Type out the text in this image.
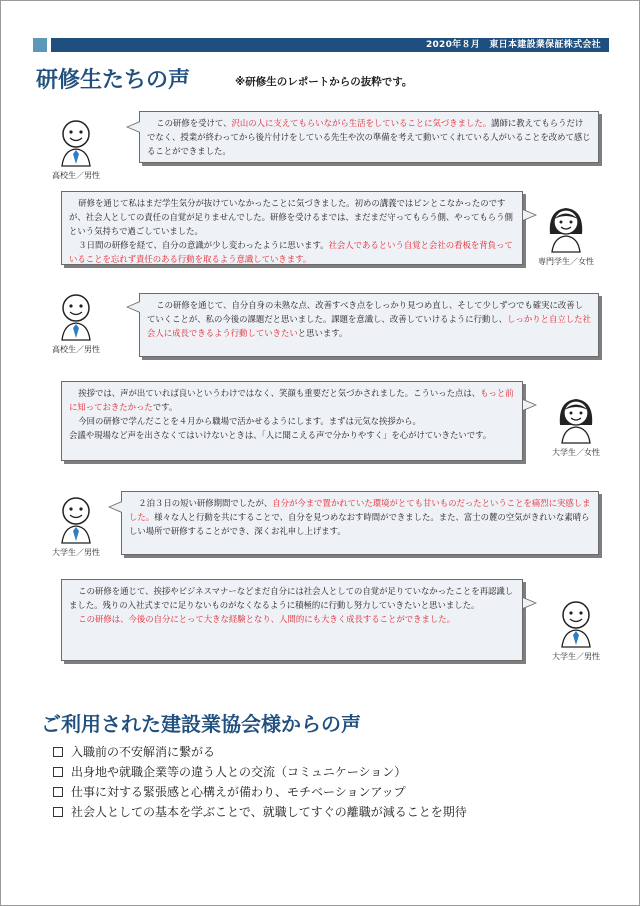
2020年８月　東日本建設業保証株式会社
研修生たちの声	※研修生のレポートからの抜粋です。
高校生／男性

この研修を受けて、沢山の人に支えてもらいながら生活をしていることに気づきました。講師に教えてもらうだけでなく、授業が終わってから後片付けをしている先生や次の準備を考えて動いてくれている人がいることを改めて感じることができました。

研修を通じて私はまだ学生気分が抜けていなかったことに気づきました。初めの講義ではピンとこなかったのですが、社会人としての責任の自覚が足りませんでした。研修を受けるまでは、まだまだ守ってもらう側、やってもらう側という気持ちで過ごしていました。

３日間の研修を経て、自分の意識が少し変わったように思います。社会人であるという自覚と会社の看板を背負っていることを忘れず責任のある行動を取るよう意識していきます。	専門学生／女性
高校生／男性

この研修を通じて、自分自身の未熟な点、改善すべき点をしっかり見つめ直し、そして少しずつでも確実に改善していくことが、私の今後の課題だと思いました。課題を意識し、改善していけるように行動し、しっかりと自立した社会人に成長できるよう行動していきたいと思います。

挨拶では、声が出ていれば良いというわけではなく、笑顔も重要だと気づかされました。こういった点は、もっと前に知っておきたかったです。

今回の研修で学んだことを４月から職場で活かせるようにします。まずは元気な挨拶から。

会議や現場など声を出さなくてはいけないときは、「人に聞こえる声で分かりやすく」を心がけていきたいです。

大学生／女性
大学生／男性

２泊３日の短い研修期間でしたが、自分が今まで置かれていた環境がとても甘いものだったということを痛烈に実感しました。様々な人と行動を共にすることで、自分を見つめなおす時間ができました。また、富士の麓の空気がきれいな素晴らしい場所で研修することができ、深くお礼申し上げます。

この研修を通じて、挨拶やビジネスマナーなどまだ自分には社会人としての自覚が足りていなかったことを再認識しました。残りの入社式までに足りないものがなくなるように積極的に行動し努力していきたいと思いました。

この研修は、今後の自分にとって大きな経験となり、人間的にも大きく成長することができました。

大学生／男性
ご利用された建設業協会様からの声
入職前の不安解消に繋がる
出身地や就職企業等の違う人との交流（コミュニケーション）
仕事に対する緊張感と心構えが備わり、モチベーションアップ
社会人としての基本を学ぶことで、就職してすぐの離職が減ることを期待
